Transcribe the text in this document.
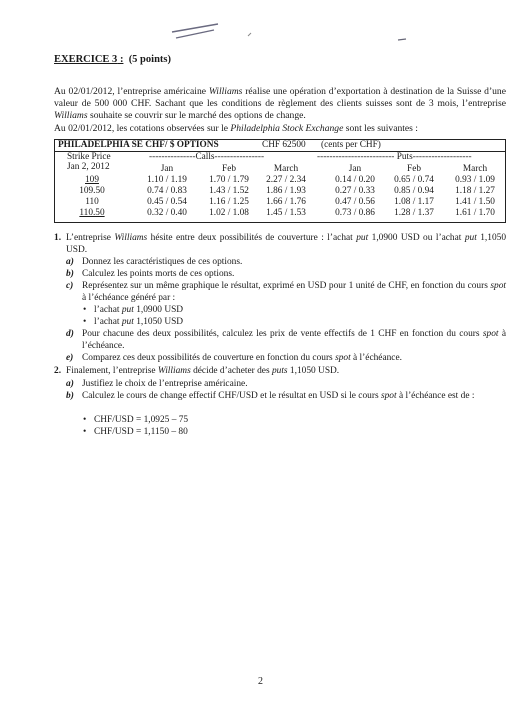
EXERCICE 3 : (5 points)
Au 02/01/2012, l’entreprise américaine Williams réalise une opération d’exportation à destination de la Suisse d’une valeur de 500 000 CHF. Sachant que les conditions de règlement des clients suisses sont de 3 mois, l’entreprise Williams souhaite se couvrir sur le marché des options de change.
Au 02/01/2012, les cotations observées sur le Philadelphia Stock Exchange sont les suivantes :
PHILADELPHIA SE CHF/ $ OPTIONS	CHF 62500 (cents per CHF)
Strike Price
Jan 2, 2012
---------------Calls----------------	------------------------- Puts-------------------
Jan	Feb	March	Jan	Feb	March
109	1.10 / 1.19 1.70 / 1.79 2.27 / 2.34	0.14 / 0.20 0.65 / 0.74 0.93 / 1.09
109.50	0.74 / 0.83 1.43 / 1.52 1.86 / 1.93	0.27 / 0.33 0.85 / 0.94 1.18 / 1.27
110	0.45 / 0.54 1.16 / 1.25 1.66 / 1.76	0.47 / 0.56 1.08 / 1.17 1.41 / 1.50
110.50	0.32 / 0.40 1.02 / 1.08 1.45 / 1.53	0.73 / 0.86 1.28 / 1.37 1.61 / 1.70
1. L’entreprise Williams hésite entre deux possibilités de couverture : l’achat put 1,0900 USD ou l’achat put 1,1050 USD.
a) Donnez les caractéristiques de ces options.
b) Calculez les points morts de ces options.
c) Représentez sur un même graphique le résultat, exprimé en USD pour 1 unité de CHF, en fonction du cours spot à l’échéance généré par :
• l’achat put 1,0900 USD
• l’achat put 1,1050 USD
d) Pour chacune des deux possibilités, calculez les prix de vente effectifs de 1 CHF en fonction du cours spot à l’échéance.
e) Comparez ces deux possibilités de couverture en fonction du cours spot à l’échéance.
2. Finalement, l’entreprise Williams décide d’acheter des puts 1,1050 USD.
a) Justifiez le choix de l’entreprise américaine.
b) Calculez le cours de change effectif CHF/USD et le résultat en USD si le cours spot à l’échéance est de :
• CHF/USD = 1,0925 – 75
• CHF/USD = 1,1150 – 80
2
